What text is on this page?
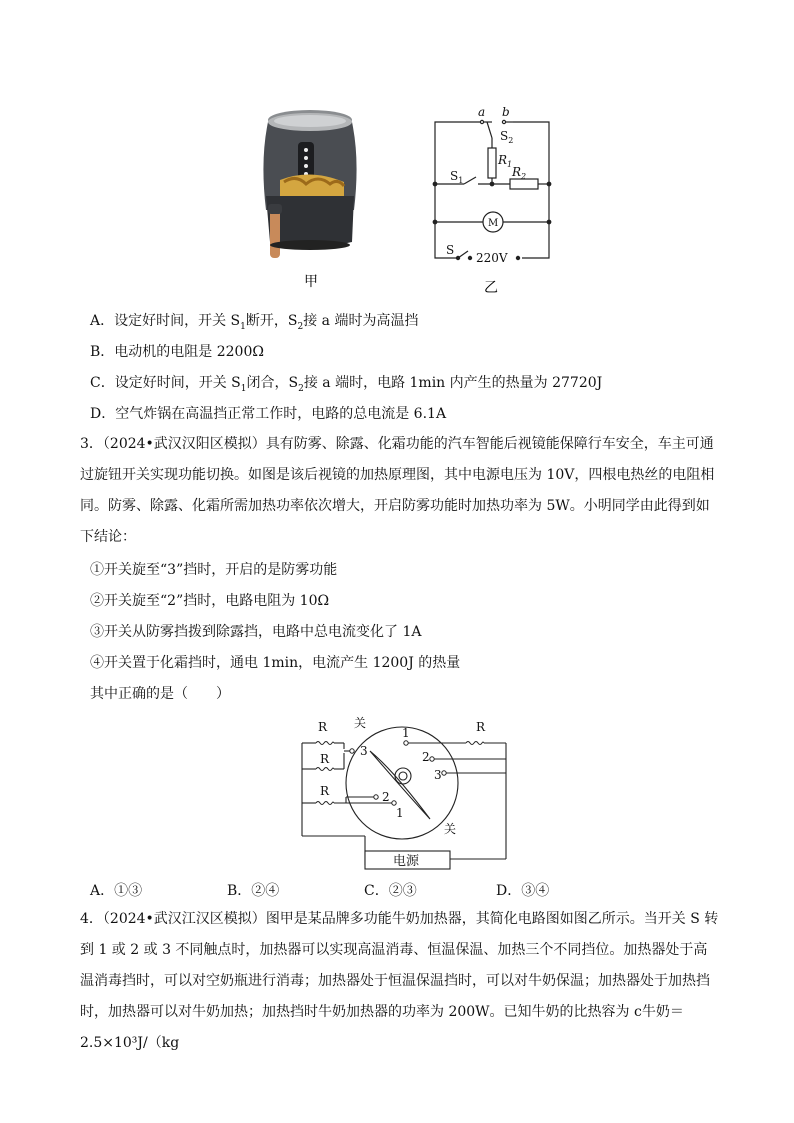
甲
a b
$S_2$
$R_1$
$R_2$
$S_1$
M
S
220V
乙
A．设定好时间，开关 $S_1$断开，$S_2$接 a 端时为高温挡
B．电动机的电阻是 2200Ω
C．设定好时间，开关 $S_1$闭合，$S_2$接 a 端时，电路 1min 内产生的热量为 27720J
D．空气炸锅在高温挡正常工作时，电路的总电流是 6.1A
3．（2024•武汉汉阳区模拟）具有防雾、除露、化霜功能的汽车智能后视镜能保障行车安全，车主可通过旋钮开关实现功能切换。如图是该后视镜的加热原理图，其中电源电压为 10V，四根电热丝的电阻相同。防雾、除露、化霜所需加热功率依次增大，开启防雾功能时加热功率为 5W。小明同学由此得到如下结论：
①开关旋至“3”挡时，开启的是防雾功能
②开关旋至“2”挡时，电路电阻为 10Ω
③开关从防雾挡拨到除露挡，电路中总电流变化了 1A
④开关置于化霜挡时，通电 1min，电流产生 1200J 的热量
其中正确的是（　　）
R
R
R
R
关
关
1
2
3
3
2
1
电源
A．①③	B．②④	C．②③	D．③④
4．（2024•武汉江汉区模拟）图甲是某品牌多功能牛奶加热器，其简化电路图如图乙所示。当开关 S 转到 1 或 2 或 3 不同触点时，加热器可以实现高温消毒、恒温保温、加热三个不同挡位。加热器处于高温消毒挡时，可以对空奶瓶进行消毒；加热器处于恒温保温挡时，可以对牛奶保温；加热器处于加热挡时，加热器可以对牛奶加热；加热挡时牛奶加热器的功率为 200W。已知牛奶的比热容为 c牛奶＝2.5×10³J/（kg
